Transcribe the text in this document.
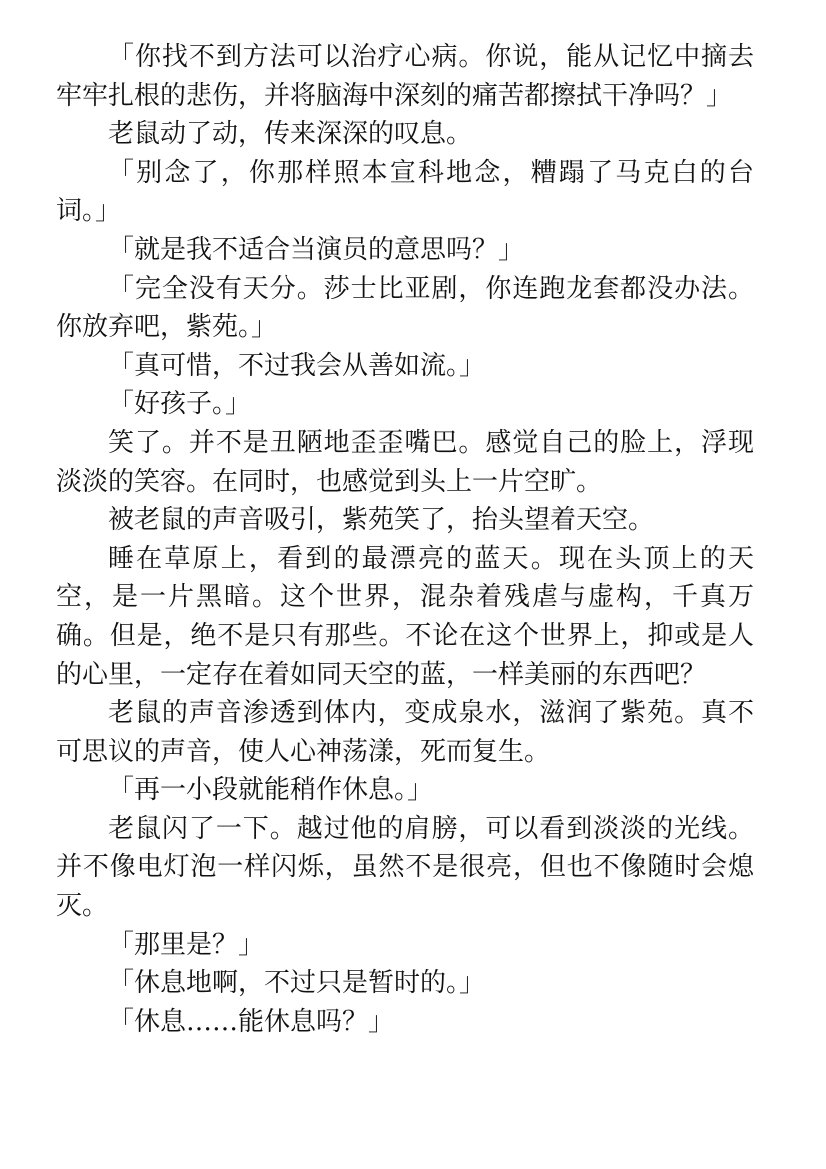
「你找不到方法可以治疗心病。你说，能从记忆中摘去牢牢扎根的悲伤，并将脑海中深刻的痛苦都擦拭干净吗？」

老鼠动了动，传来深深的叹息。

「别念了，你那样照本宣科地念，糟蹋了马克白的台词。」

「就是我不适合当演员的意思吗？」

「完全没有天分。莎士比亚剧，你连跑龙套都没办法。你放弃吧，紫苑。」

「真可惜，不过我会从善如流。」

「好孩子。」

笑了。并不是丑陋地歪歪嘴巴。感觉自己的脸上，浮现淡淡的笑容。在同时，也感觉到头上一片空旷。

被老鼠的声音吸引，紫苑笑了，抬头望着天空。

睡在草原上，看到的最漂亮的蓝天。现在头顶上的天空，是一片黑暗。这个世界，混杂着残虐与虚构，千真万确。但是，绝不是只有那些。不论在这个世界上，抑或是人的心里，一定存在着如同天空的蓝，一样美丽的东西吧？

老鼠的声音渗透到体内，变成泉水，滋润了紫苑。真不可思议的声音，使人心神荡漾，死而复生。

「再一小段就能稍作休息。」

老鼠闪了一下。越过他的肩膀，可以看到淡淡的光线。并不像电灯泡一样闪烁，虽然不是很亮，但也不像随时会熄灭。

「那里是？」

「休息地啊，不过只是暂时的。」

「休息……能休息吗？」
